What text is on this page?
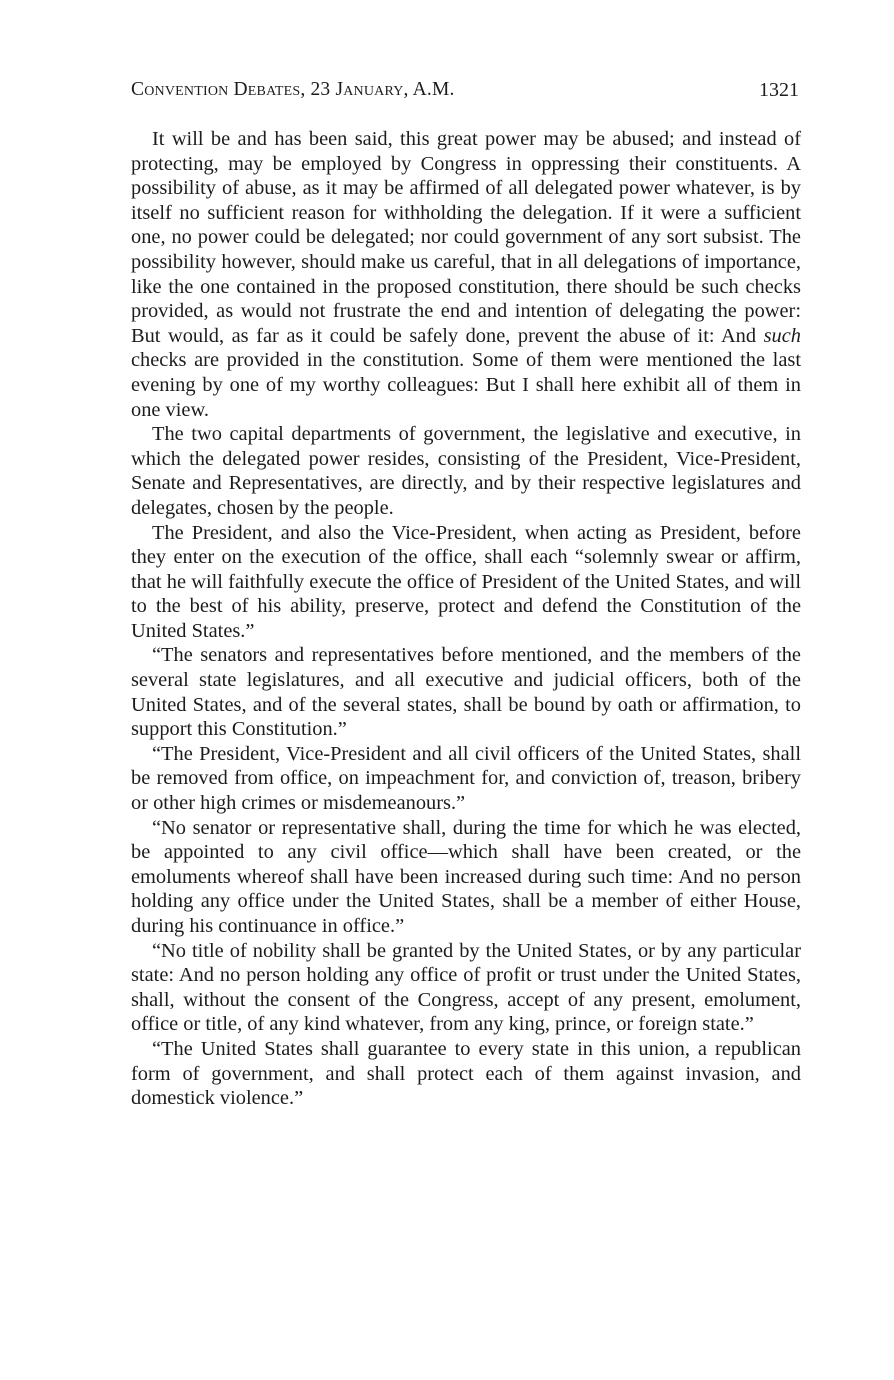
Convention Debates, 23 January, A.M.	1321

It will be and has been said, this great power may be abused; and instead of protecting, may be employed by Congress in oppressing their constituents. A possibility of abuse, as it may be affirmed of all delegated power whatever, is by itself no sufficient reason for withholding the delegation. If it were a sufficient one, no power could be delegated; nor could government of any sort subsist. The possibility however, should make us careful, that in all delegations of importance, like the one contained in the proposed constitution, there should be such checks provided, as would not frustrate the end and intention of delegating the power: But would, as far as it could be safely done, prevent the abuse of it: And such checks are provided in the constitution. Some of them were mentioned the last evening by one of my worthy colleagues: But I shall here exhibit all of them in one view.

The two capital departments of government, the legislative and executive, in which the delegated power resides, consisting of the President, Vice-President, Senate and Representatives, are directly, and by their respective legislatures and delegates, chosen by the people.

The President, and also the Vice-President, when acting as President, before they enter on the execution of the office, shall each “solemnly swear or affirm, that he will faithfully execute the office of President of the United States, and will to the best of his ability, preserve, protect and defend the Constitution of the United States.”

“The senators and representatives before mentioned, and the members of the several state legislatures, and all executive and judicial officers, both of the United States, and of the several states, shall be bound by oath or affirmation, to support this Constitution.”

“The President, Vice-President and all civil officers of the United States, shall be removed from office, on impeachment for, and conviction of, treason, bribery or other high crimes or misdemeanours.”

“No senator or representative shall, during the time for which he was elected, be appointed to any civil office—which shall have been created, or the emoluments whereof shall have been increased during such time: And no person holding any office under the United States, shall be a member of either House, during his continuance in office.”

“No title of nobility shall be granted by the United States, or by any particular state: And no person holding any office of profit or trust under the United States, shall, without the consent of the Congress, accept of any present, emolument, office or title, of any kind whatever, from any king, prince, or foreign state.”

“The United States shall guarantee to every state in this union, a republican form of government, and shall protect each of them against invasion, and domestick violence.”
